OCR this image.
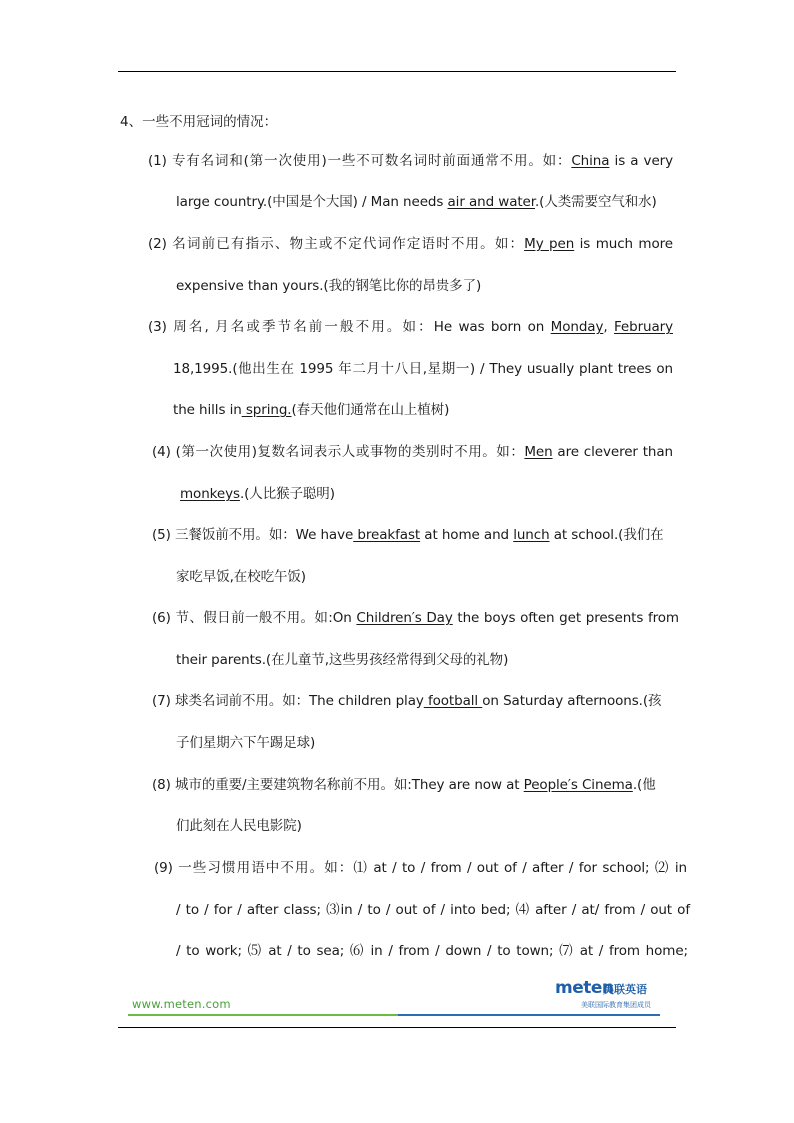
4、一些不用冠词的情况：
(1) 专有名词和(第一次使用)一些不可数名词时前面通常不用。如：China is a very
large country.(中国是个大国) / Man needs air and water.(人类需要空气和水)
(2) 名词前已有指示、物主或不定代词作定语时不用。如：My pen is much more
expensive than yours.(我的钢笔比你的昂贵多了)
(3) 周名, 月名或季节名前一般不用。如：He was born on Monday, February
18,1995.(他出生在 1995 年二月十八日,星期一) / They usually plant trees on
the hills in spring.(春天他们通常在山上植树)
(4) (第一次使用)复数名词表示人或事物的类别时不用。如：Men are cleverer than
monkeys.(人比猴子聪明)
(5) 三餐饭前不用。如：We have breakfast at home and lunch at school.(我们在
家吃早饭,在校吃午饭)
(6) 节、假日前一般不用。如:On Children′s Day the boys often get presents from
their parents.(在儿童节,这些男孩经常得到父母的礼物)
(7) 球类名词前不用。如：The children play football on Saturday afternoons.(孩
子们星期六下午踢足球)
(8) 城市的重要/主要建筑物名称前不用。如:They are now at People′s Cinema.(他
们此刻在人民电影院)
(9) 一些习惯用语中不用。如：⑴ at / to / from / out of / after / for school; ⑵ in
/ to / for / after class; ⑶in / to / out of / into bed; ⑷ after / at/ from / out of
/ to work; ⑸ at / to sea; ⑹ in / from / down / to town; ⑺ at / from home;
www.meten.com
meten
美联英语
美联国际教育集团成员
